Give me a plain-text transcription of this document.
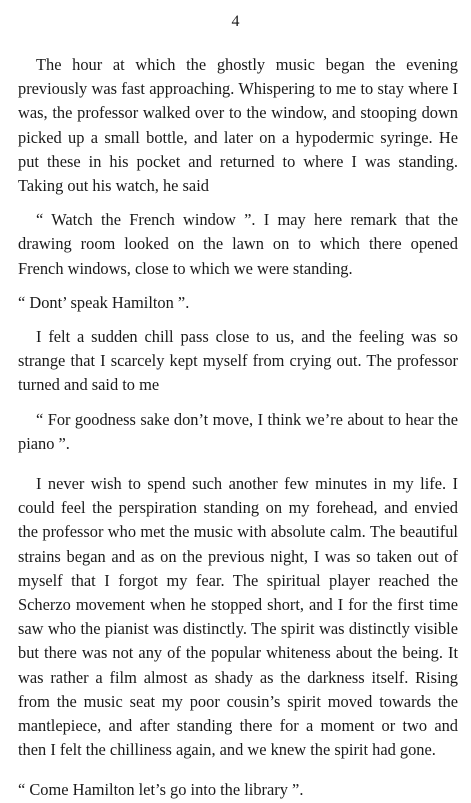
4

The hour at which the ghostly music began the evening previously was fast approaching. Whispering to me to stay where I was, the professor walked over to the window, and stooping down picked up a small bottle, and later on a hypodermic syringe. He put these in his pocket and returned to where I was standing. Taking out his watch, he said

“ Watch the French window ”. I may here remark that the drawing room looked on the lawn on to which there opened French windows, close to which we were standing.

“ Dont’ speak Hamilton ”.

I felt a sudden chill pass close to us, and the feeling was so strange that I scarcely kept myself from crying out. The professor turned and said to me

“ For goodness sake don’t move, I think we’re about to hear the piano ”.

I never wish to spend such another few minutes in my life. I could feel the perspiration standing on my forehead, and envied the professor who met the music with absolute calm. The beautiful strains began and as on the previous night, I was so taken out of myself that I forgot my fear. The spiritual player reached the Scherzo movement when he stopped short, and I for the first time saw who the pianist was distinctly. The spirit was distinctly visible but there was not any of the popular whiteness about the being. It was rather a film almost as shady as the darkness itself. Rising from the music seat my poor cousin’s spirit moved towards the mantlepiece, and after standing there for a moment or two and then I felt the chilliness again, and we knew the spirit had gone.

“ Come Hamilton let’s go into the library ”.
